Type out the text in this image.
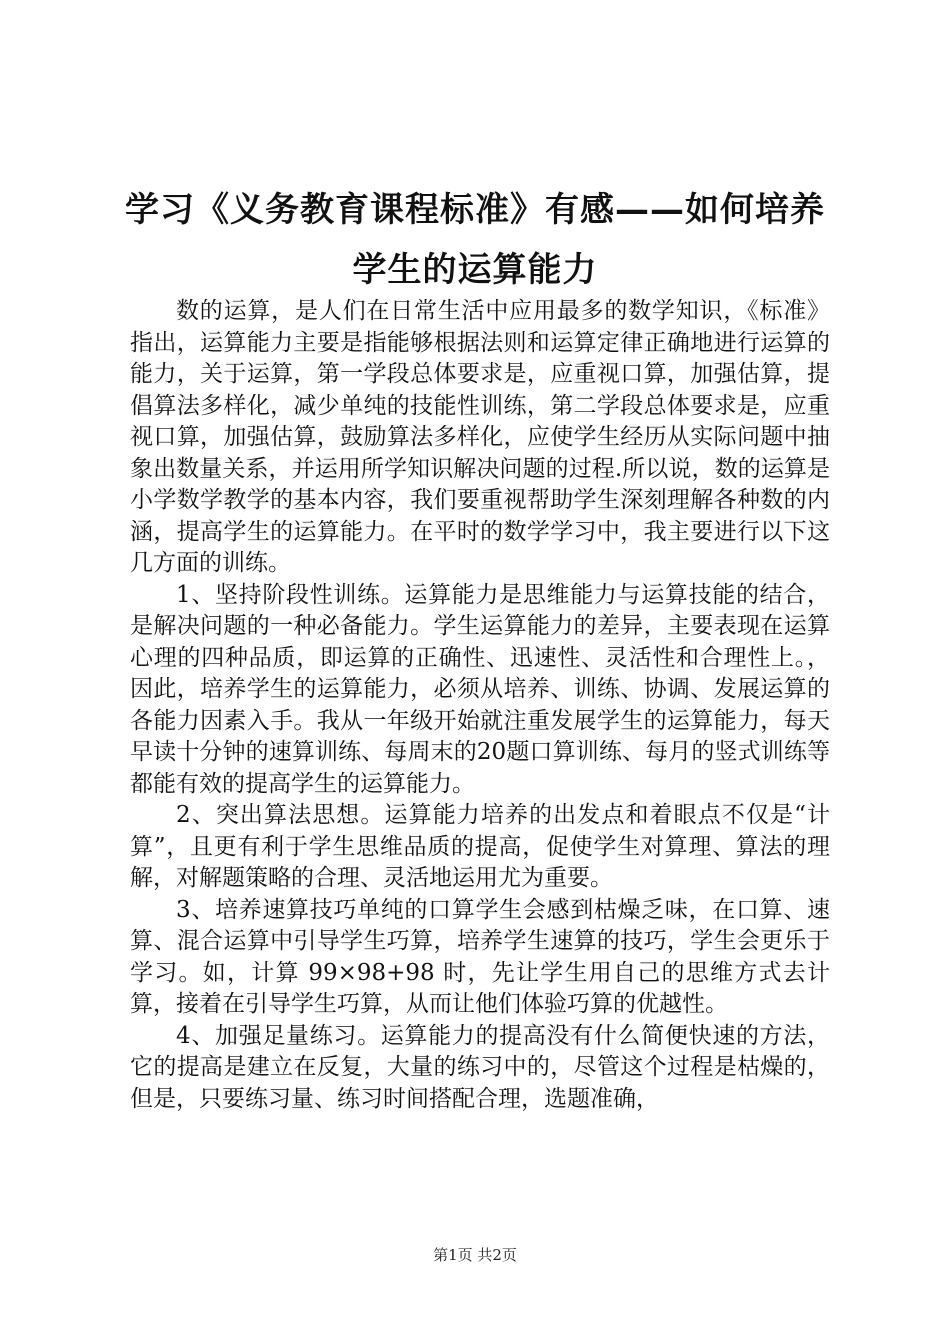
学习《义务教育课程标准》有感——如何培养
学生的运算能力

数的运算，是人们在日常生活中应用最多的数学知识，《标准》指出，运算能力主要是指能够根据法则和运算定律正确地进行运算的能力，关于运算，第一学段总体要求是，应重视口算，加强估算，提倡算法多样化，减少单纯的技能性训练，第二学段总体要求是，应重视口算，加强估算，鼓励算法多样化，应使学生经历从实际问题中抽象出数量关系，并运用所学知识解决问题的过程.所以说，数的运算是小学数学教学的基本内容，我们要重视帮助学生深刻理解各种数的内涵，提高学生的运算能力。在平时的数学学习中，我主要进行以下这几方面的训练。

1、坚持阶段性训练。运算能力是思维能力与运算技能的结合，是解决问题的一种必备能力。学生运算能力的差异，主要表现在运算心理的四种品质，即运算的正确性、迅速性、灵活性和合理性上。，因此，培养学生的运算能力，必须从培养、训练、协调、发展运算的各能力因素入手。我从一年级开始就注重发展学生的运算能力，每天早读十分钟的速算训练、每周末的20题口算训练、每月的竖式训练等都能有效的提高学生的运算能力。

2、突出算法思想。运算能力培养的出发点和着眼点不仅是“计算”，且更有利于学生思维品质的提高，促使学生对算理、算法的理解，对解题策略的合理、灵活地运用尤为重要。

3、培养速算技巧单纯的口算学生会感到枯燥乏味，在口算、速算、混合运算中引导学生巧算，培养学生速算的技巧，学生会更乐于学习。如，计算 99×98+98 时，先让学生用自己的思维方式去计算，接着在引导学生巧算，从而让他们体验巧算的优越性。

4、加强足量练习。运算能力的提高没有什么简便快速的方法，它的提高是建立在反复，大量的练习中的，尽管这个过程是枯燥的，但是，只要练习量、练习时间搭配合理，选题准确，

第1页 共2页
